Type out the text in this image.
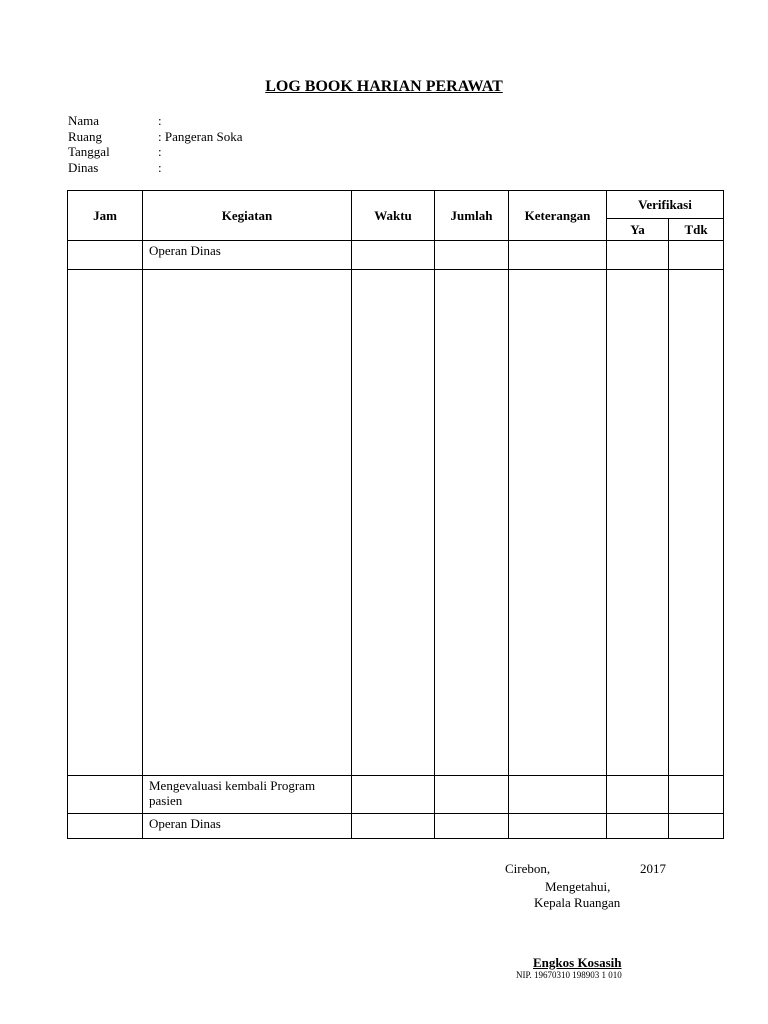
LOG BOOK HARIAN PERAWAT
Nama	:
Ruang	: Pangeran Soka
Tanggal	:
Dinas	:
Jam	Kegiatan	Waktu	Jumlah	Keterangan	Verifikasi	
					Ya	Tdk

	Operan Dinas					

	Mengevaluasi kembali Program pasien					

	Operan Dinas					

Cirebon,	2017
Mengetahui,
Kepala Ruangan
Engkos Kosasih
NIP. 19670310 198903 1 010
